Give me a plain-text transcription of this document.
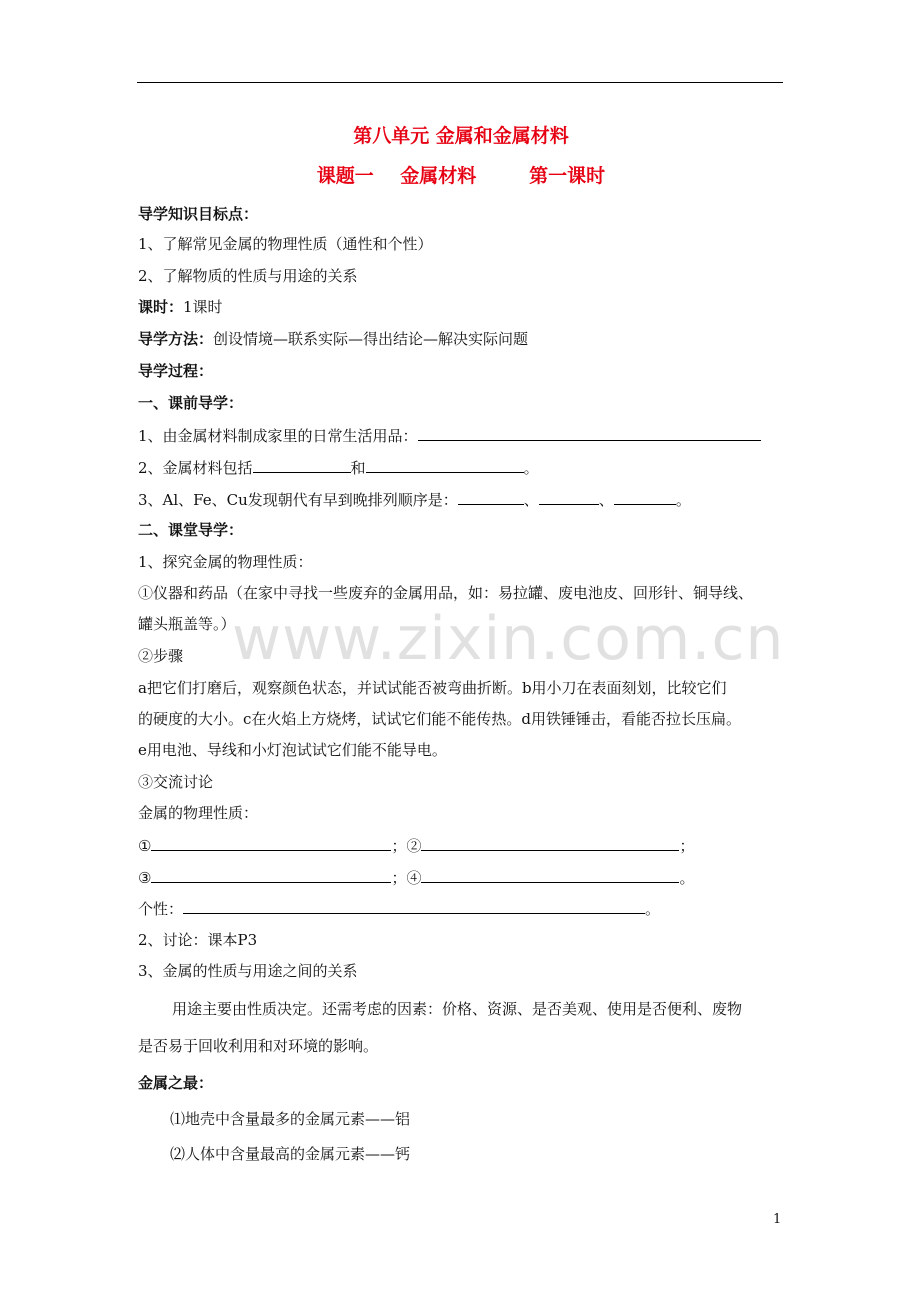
第八单元 金属和金属材料
课题一    金属材料        第一课时
导学知识目标点：
1、了解常见金属的物理性质（通性和个性）
2、了解物质的性质与用途的关系
课时：1课时
导学方法：创设情境—联系实际—得出结论—解决实际问题
导学过程：
一、课前导学：
1、由金属材料制成家里的日常生活用品：
2、金属材料包括	和	。
3、Al、Fe、Cu发现朝代有早到晚排列顺序是：	、	、	。
二、课堂导学：
1、探究金属的物理性质：
①仪器和药品（在家中寻找一些废弃的金属用品，如：易拉罐、废电池皮、回形针、铜导线、
罐头瓶盖等。）
②步骤
a把它们打磨后，观察颜色状态，并试试能否被弯曲折断。b用小刀在表面刻划，比较它们
的硬度的大小。c在火焰上方烧烤，试试它们能不能传热。d用铁锤锤击，看能否拉长压扁。
e用电池、导线和小灯泡试试它们能不能导电。
③交流讨论
金属的物理性质：
①	；②	；
③	；④	。
个性：	。
2、讨论：课本P3
3、金属的性质与用途之间的关系
用途主要由性质决定。还需考虑的因素：价格、资源、是否美观、使用是否便利、废物
是否易于回收利用和对环境的影响。
金属之最：
⑴地壳中含量最多的金属元素——铝
⑵人体中含量最高的金属元素——钙
www.zixin.com.cn
1
